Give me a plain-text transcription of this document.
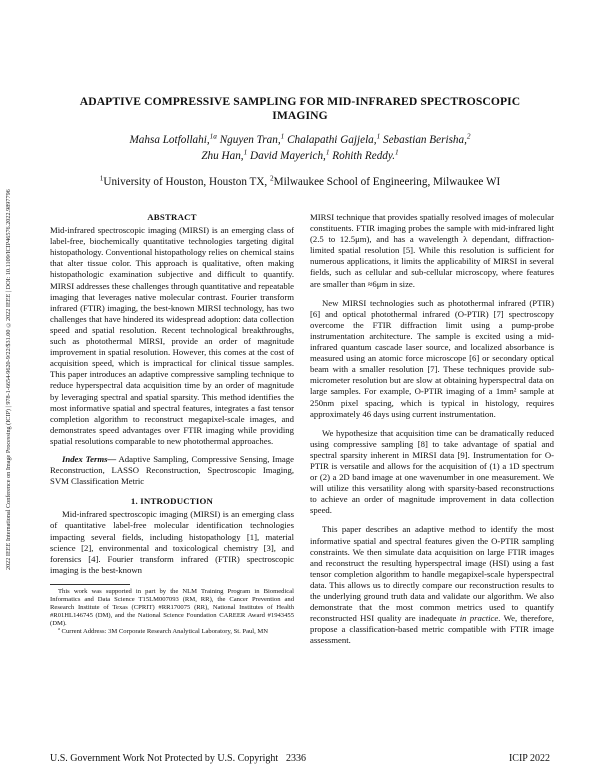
2022 IEEE International Conference on Image Processing (ICIP) | 978-1-6654-9620-9/22/$31.00 ©2022 IEEE | DOI: 10.1109/ICIP46576.2022.9897796
ADAPTIVE COMPRESSIVE SAMPLING FOR MID-INFRARED SPECTROSCOPIC IMAGING
Mahsa Lotfollahi,$^{1a}$ Nguyen Tran,$^1$ Chalapathi Gajjela,$^1$ Sebastian Berisha,$^2$
Zhu Han,$^1$ David Mayerich,$^1$ Rohith Reddy.$^1$
$^1$University of Houston, Houston TX, $^2$Milwaukee School of Engineering, Milwaukee WI
ABSTRACT

Mid-infrared spectroscopic imaging (MIRSI) is an emerging class of label-free, biochemically quantitative technologies targeting digital histopathology. Conventional histopathology relies on chemical stains that alter tissue color. This approach is qualitative, often making histopathologic examination subjective and difficult to quantify. MIRSI addresses these challenges through quantitative and repeatable imaging that leverages native molecular contrast. Fourier transform infrared (FTIR) imaging, the best-known MIRSI technology, has two challenges that have hindered its widespread adoption: data collection speed and spatial resolution. Recent technological breakthroughs, such as photothermal MIRSI, provide an order of magnitude improvement in spatial resolution. However, this comes at the cost of acquisition speed, which is impractical for clinical tissue samples. This paper introduces an adaptive compressive sampling technique to reduce hyperspectral data acquisition time by an order of magnitude by leveraging spectral and spatial sparsity. This method identifies the most informative spatial and spectral features, integrates a fast tensor completion algorithm to reconstruct megapixel-scale images, and demonstrates speed advantages over FTIR imaging while providing spatial resolutions comparable to new photothermal approaches.

Index Terms— Adaptive Sampling, Compressive Sensing, Image Reconstruction, LASSO Reconstruction, Spectroscopic Imaging, SVM Classification Metric

1. INTRODUCTION

Mid-infrared spectroscopic imaging (MIRSI) is an emerging class of quantitative label-free molecular identification technologies impacting several fields, including histopathology [1], material science [2], environmental and toxicological chemistry [3], and forensics [4]. Fourier transform infrared (FTIR) spectroscopic imaging is the best-known

This work was supported in part by the NLM Training Program in Biomedical Informatics and Data Science T15LM007093 (RM, RR), the Cancer Prevention and Research Institute of Texas (CPRIT) #RR170075 (RR), National Institutes of Health #R01HL146745 (DM), and the National Science Foundation CAREER Award #1943455 (DM).

$^a$ Current Address: 3M Corporate Research Analytical Laboratory, St. Paul, MN

MIRSI technique that provides spatially resolved images of molecular constituents. FTIR imaging probes the sample with mid-infrared light (2.5 to 12.5μm), and has a wavelength λ dependant, diffraction-limited spatial resolution [5]. While this resolution is sufficient for numerous applications, it limits the applicability of MIRSI in several fields, such as cellular and sub-cellular microscopy, where features are smaller than ≈6μm in size.

New MIRSI technologies such as photothermal infrared (PTIR) [6] and optical photothermal infrared (O-PTIR) [7] spectroscopy overcome the FTIR diffraction limit using a pump-probe instrumentation architecture. The sample is excited using a mid-infrared quantum cascade laser source, and localized absorbance is measured using an atomic force microscope [6] or secondary optical beam with a smaller resolution [7]. These techniques provide sub-micrometer resolution but are slow at obtaining hyperspectral data on large samples. For example, O-PTIR imaging of a 1mm² sample at 250nm pixel spacing, which is typical in histology, requires approximately 46 days using current instrumentation.

We hypothesize that acquisition time can be dramatically reduced using compressive sampling [8] to take advantage of spatial and spectral sparsity inherent in MIRSI data [9]. Instrumentation for O-PTIR is versatile and allows for the acquisition of (1) a 1D spectrum or (2) a 2D band image at one wavenumber in one measurement. We will utilize this versatility along with sparsity-based reconstructions to achieve an order of magnitude improvement in data collection speed.

This paper describes an adaptive method to identify the most informative spatial and spectral features given the O-PTIR sampling constraints. We then simulate data acquisition on large FTIR images and reconstruct the resulting hyperspectral image (HSI) using a fast tensor completion algorithm to handle megapixel-scale hyperspectral data. This allows us to directly compare our reconstruction results to the underlying ground truth data and validate our algorithm. We also demonstrate that the most common metrics used to quantify reconstructed HSI quality are inadequate in practice. We, therefore, propose a classification-based metric compatible with FTIR image assessment.

U.S. Government Work Not Protected by U.S. Copyright 2336	ICIP 2022
